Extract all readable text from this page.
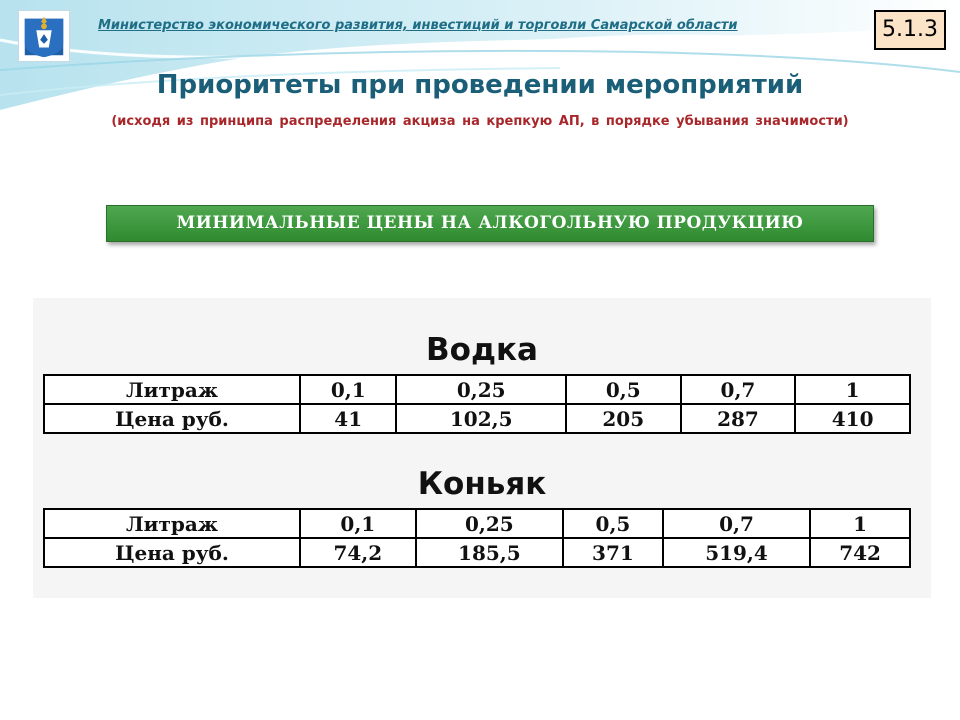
Министерство экономического развития, инвестиций и торговли Самарской области	5.1.3
Приоритеты при проведении мероприятий
(исходя из принципа распределения акциза на крепкую АП, в порядке убывания значимости)
МИНИМАЛЬНЫЕ ЦЕНЫ НА АЛКОГОЛЬНУЮ ПРОДУКЦИЮ
Водка
Литраж	0,1	0,25	0,5	0,7	1
Цена руб.	41	102,5	205	287	410
Коньяк
Литраж	0,1	0,25	0,5	0,7	1
Цена руб.	74,2	185,5	371	519,4	742
